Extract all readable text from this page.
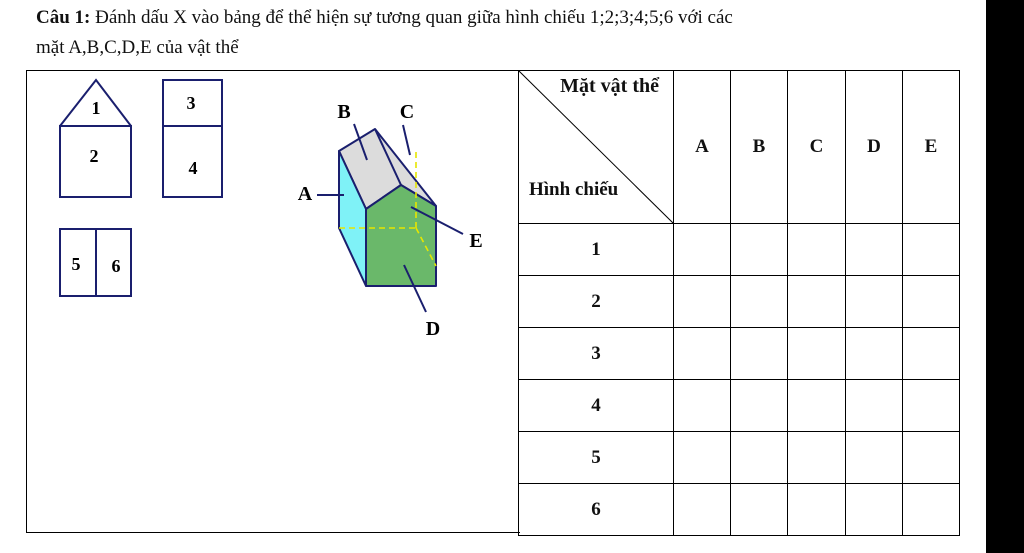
Câu 1: Đánh dấu X vào bảng để thể hiện sự tương quan giữa hình chiếu 1;2;3;4;5;6 với các
mặt A,B,C,D,E của vật thể
1
2
3
4
5 6
B C
A
E
D
Mặt vật thể
Hình chiếu	A	B	C	D	E
1					
2					
3					
4					
5					
6					
